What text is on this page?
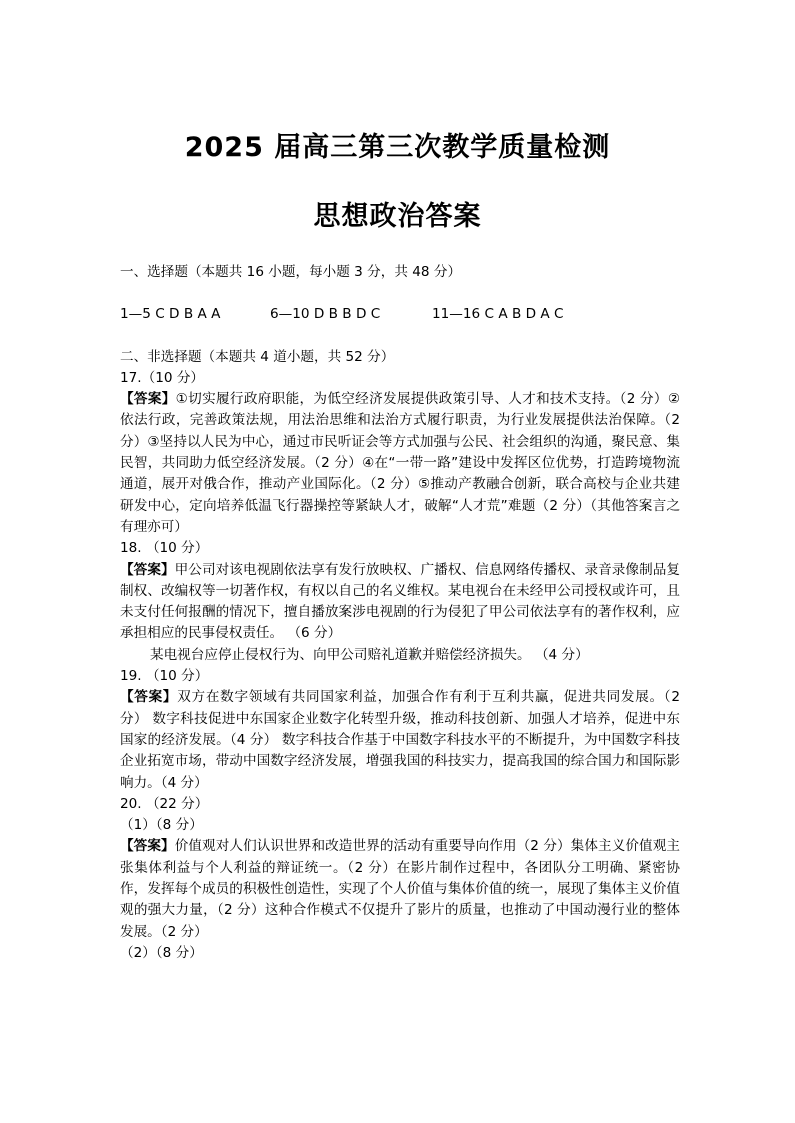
2025 届高三第三次教学质量检测
思想政治答案

一、选择题（本题共 16 小题，每小题 3 分，共 48 分）

1—5 C D B A A	6—10 D B B D C	11—16 C A B D A C

二、非选择题（本题共 4 道小题，共 52 分）

17.（10 分）

【答案】①切实履行政府职能，为低空经济发展提供政策引导、人才和技术支持。（2 分）②依法行政，完善政策法规，用法治思维和法治方式履行职责，为行业发展提供法治保障。（2 分）③坚持以人民为中心，通过市民听证会等方式加强与公民、社会组织的沟通，聚民意、集民智，共同助力低空经济发展。（2 分）④在“一带一路”建设中发挥区位优势，打造跨境物流通道，展开对俄合作，推动产业国际化。（2 分）⑤推动产教融合创新，联合高校与企业共建研发中心，定向培养低温飞行器操控等紧缺人才，破解“人才荒”难题（2 分）（其他答案言之有理亦可）

18. （10 分）

【答案】甲公司对该电视剧依法享有发行放映权、广播权、信息网络传播权、录音录像制品复制权、改编权等一切著作权，有权以自己的名义维权。某电视台在未经甲公司授权或许可，且未支付任何报酬的情况下，擅自播放案涉电视剧的行为侵犯了甲公司依法享有的著作权利，应承担相应的民事侵权责任。 （6 分）

某电视台应停止侵权行为、向甲公司赔礼道歉并赔偿经济损失。 （4 分）

19. （10 分）

【答案】双方在数字领域有共同国家利益，加强合作有利于互利共赢，促进共同发展。（2 分） 数字科技促进中东国家企业数字化转型升级，推动科技创新、加强人才培养，促进中东国家的经济发展。（4 分） 数字科技合作基于中国数字科技水平的不断提升，为中国数字科技企业拓宽市场，带动中国数字经济发展，增强我国的科技实力，提高我国的综合国力和国际影响力。（4 分）

20. （22 分）

（1）（8 分）

【答案】价值观对人们认识世界和改造世界的活动有重要导向作用（2 分）集体主义价值观主张集体利益与个人利益的辩证统一。（2 分）在影片制作过程中，各团队分工明确、紧密协作，发挥每个成员的积极性创造性，实现了个人价值与集体价值的统一，展现了集体主义价值观的强大力量，（2 分）这种合作模式不仅提升了影片的质量，也推动了中国动漫行业的整体发展。（2 分）

（2）（8 分）
